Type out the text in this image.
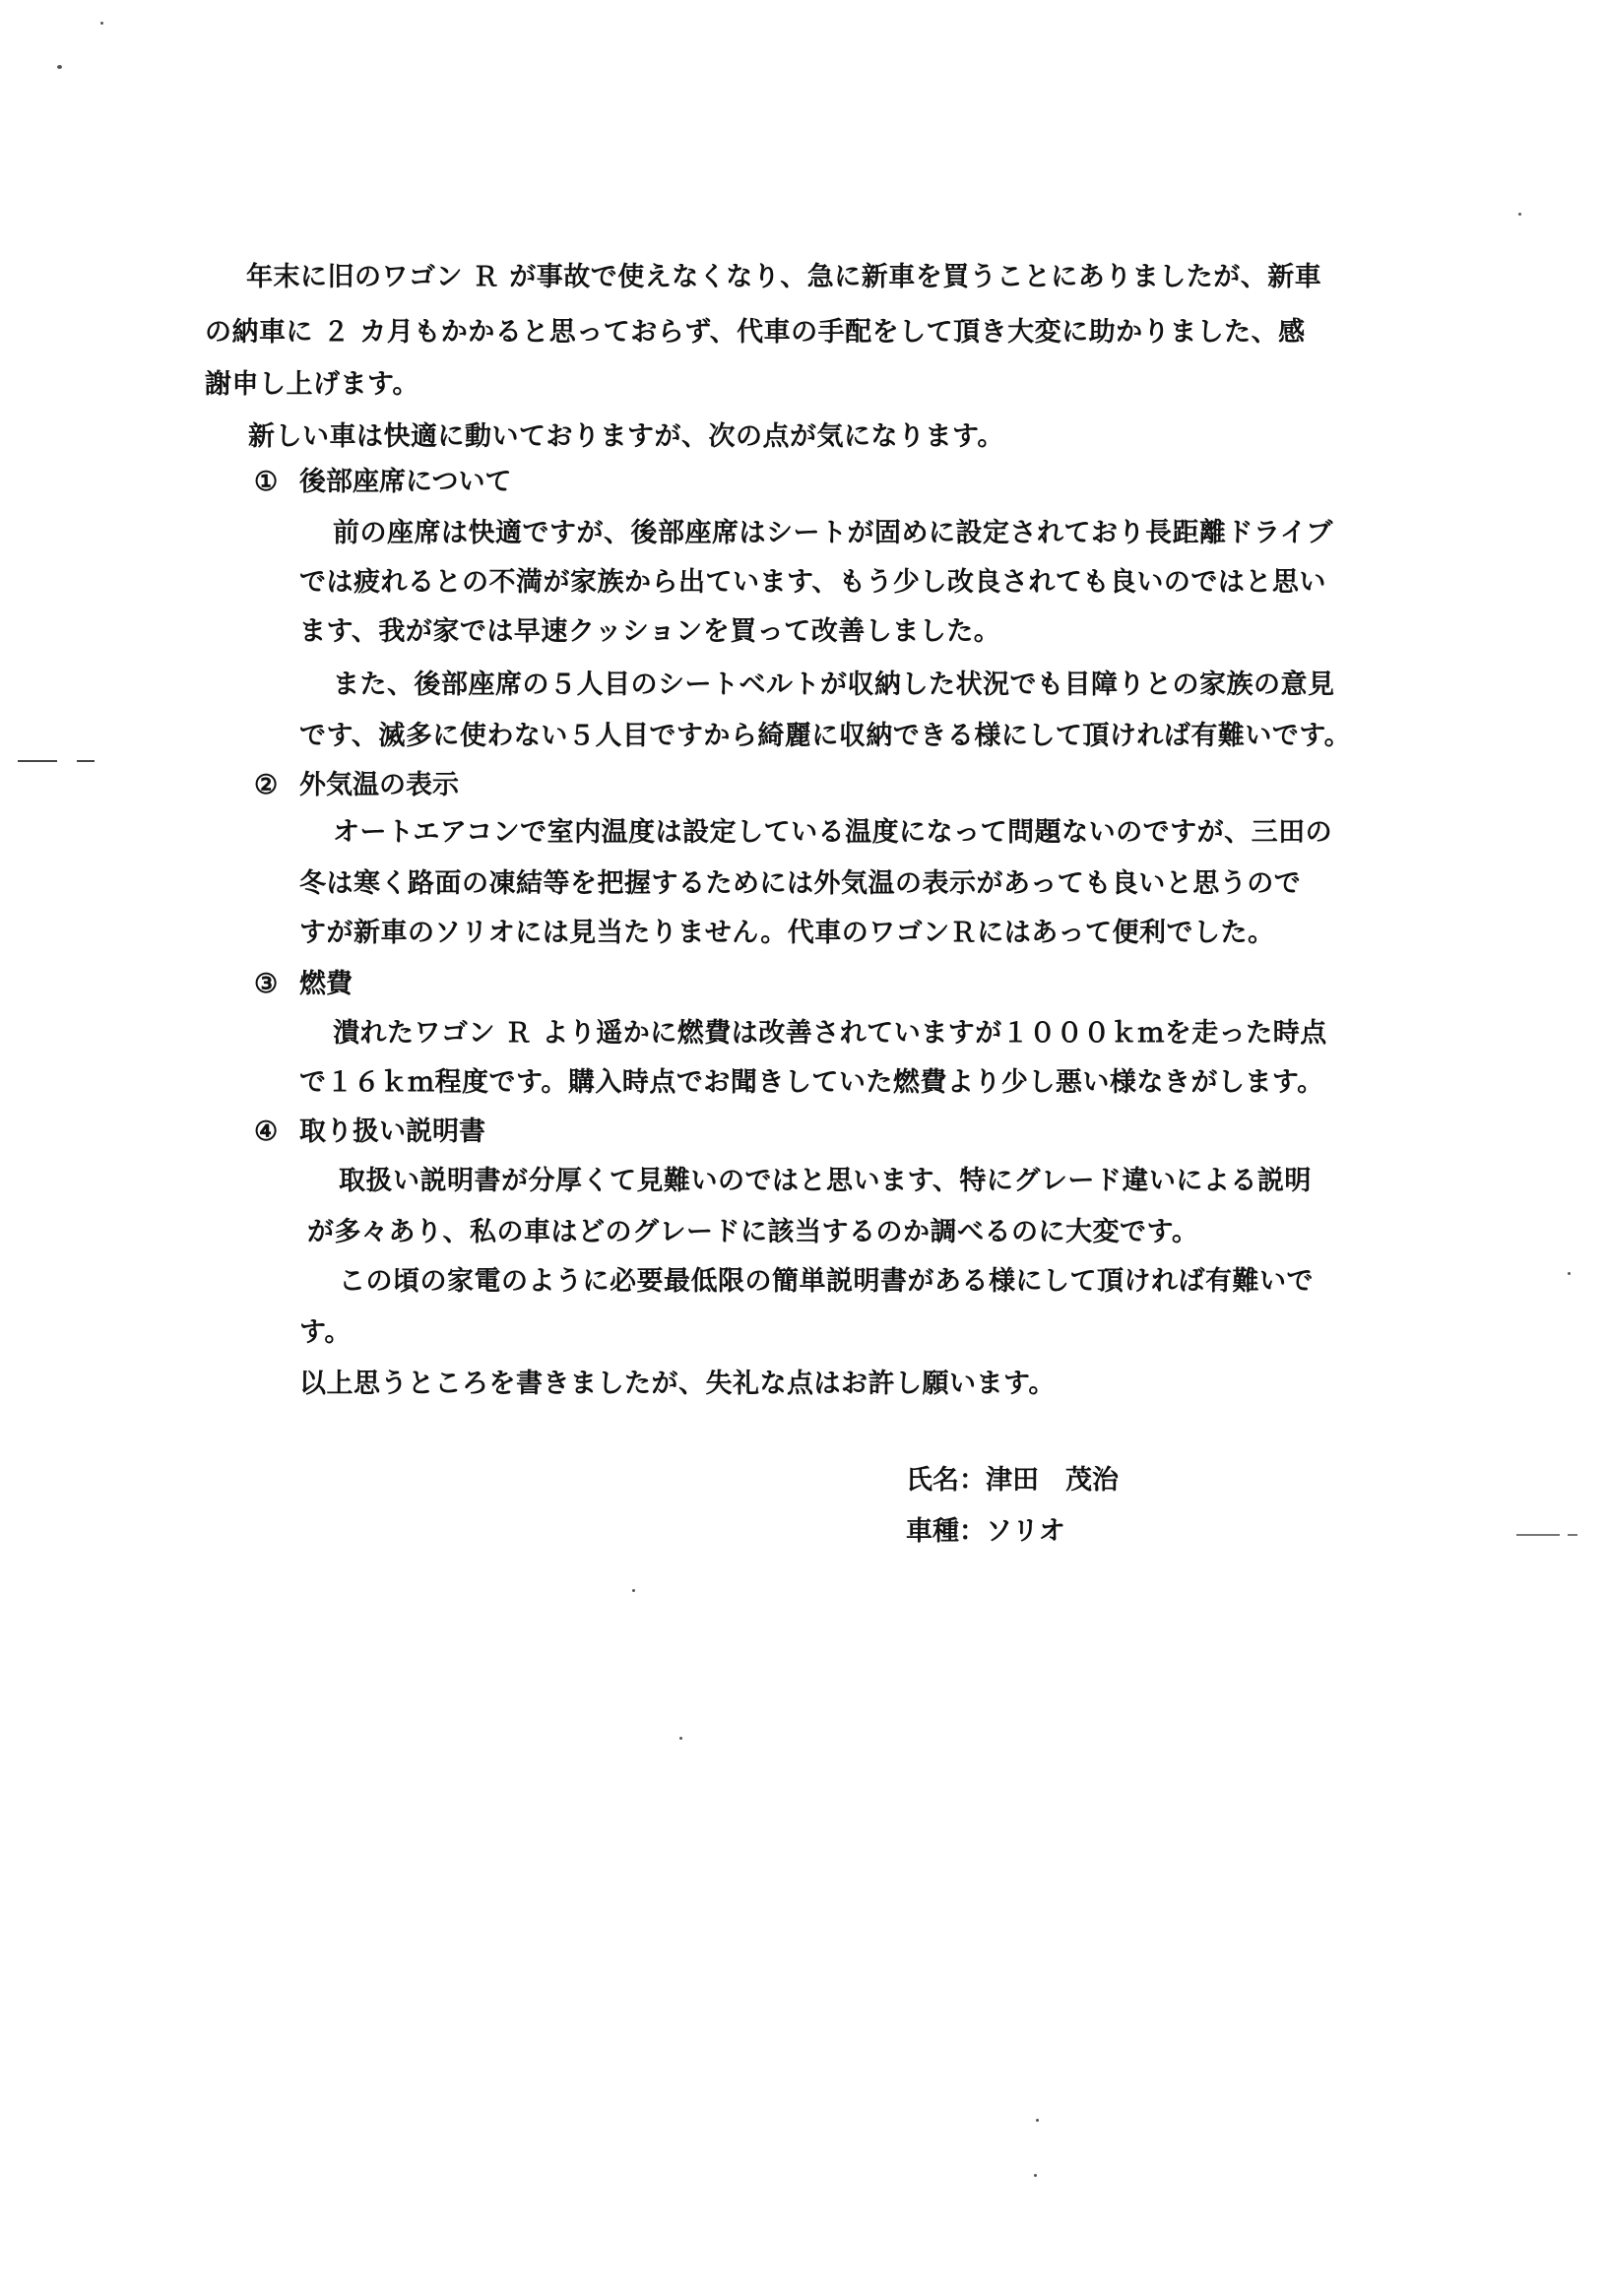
年末に旧のワゴン Ｒ が事故で使えなくなり、急に新車を買うことにありましたが、新車
の納車に ２ カ月もかかると思っておらず、代車の手配をして頂き大変に助かりました、感
謝申し上げます。
新しい車は快適に動いておりますが、次の点が気になります。
① 後部座席について
前の座席は快適ですが、後部座席はシートが固めに設定されており長距離ドライブ
では疲れるとの不満が家族から出ています、もう少し改良されても良いのではと思い
ます、我が家では早速クッションを買って改善しました。
また、後部座席の５人目のシートベルトが収納した状況でも目障りとの家族の意見
です、滅多に使わない５人目ですから綺麗に収納できる様にして頂ければ有難いです。
② 外気温の表示
オートエアコンで室内温度は設定している温度になって問題ないのですが、三田の
冬は寒く路面の凍結等を把握するためには外気温の表示があっても良いと思うので
すが新車のソリオには見当たりません。代車のワゴンＲにはあって便利でした。
③ 燃費
潰れたワゴン Ｒ より遥かに燃費は改善されていますが１０００ｋｍを走った時点
で１６ｋｍ程度です。購入時点でお聞きしていた燃費より少し悪い様なきがします。
④ 取り扱い説明書
取扱い説明書が分厚くて見難いのではと思います、特にグレード違いによる説明
が多々あり、私の車はどのグレードに該当するのか調べるのに大変です。
この頃の家電のように必要最低限の簡単説明書がある様にして頂ければ有難いで
す。
以上思うところを書きましたが、失礼な点はお許し願います。
氏名：津田　茂治
車種：ソリオ
